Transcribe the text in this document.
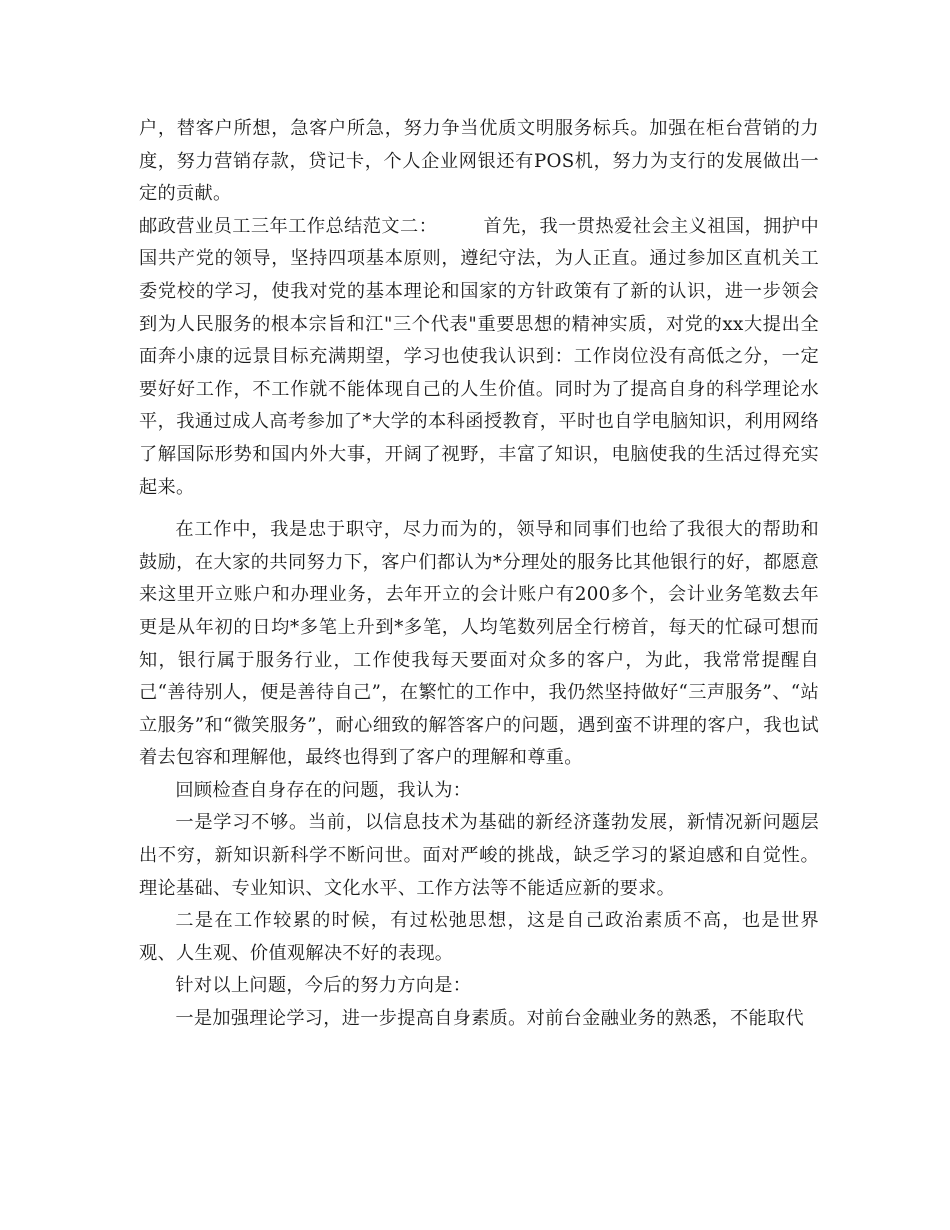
户，替客户所想，急客户所急，努力争当优质文明服务标兵。加强在柜台营销的力度，努力营销存款，贷记卡，个人企业网银还有POS机，努力为支行的发展做出一定的贡献。

邮政营业员工三年工作总结范文二：	首先，我一贯热爱社会主义祖国，拥护中国共产党的领导，坚持四项基本原则，遵纪守法，为人正直。通过参加区直机关工委党校的学习，使我对党的基本理论和国家的方针政策有了新的认识，进一步领会到为人民服务的根本宗旨和江"三个代表"重要思想的精神实质，对党的xx大提出全面奔小康的远景目标充满期望，学习也使我认识到：工作岗位没有高低之分，一定要好好工作，不工作就不能体现自己的人生价值。同时为了提高自身的科学理论水平，我通过成人高考参加了*大学的本科函授教育，平时也自学电脑知识，利用网络了解国际形势和国内外大事，开阔了视野，丰富了知识，电脑使我的生活过得充实起来。

在工作中，我是忠于职守，尽力而为的，领导和同事们也给了我很大的帮助和鼓励，在大家的共同努力下，客户们都认为*分理处的服务比其他银行的好，都愿意来这里开立账户和办理业务，去年开立的会计账户有200多个，会计业务笔数去年更是从年初的日均*多笔上升到*多笔，人均笔数列居全行榜首，每天的忙碌可想而知，银行属于服务行业，工作使我每天要面对众多的客户，为此，我常常提醒自己“善待别人，便是善待自己”，在繁忙的工作中，我仍然坚持做好“三声服务”、“站立服务”和“微笑服务”，耐心细致的解答客户的问题，遇到蛮不讲理的客户，我也试着去包容和理解他，最终也得到了客户的理解和尊重。

回顾检查自身存在的问题，我认为：

一是学习不够。当前，以信息技术为基础的新经济蓬勃发展，新情况新问题层出不穷，新知识新科学不断问世。面对严峻的挑战，缺乏学习的紧迫感和自觉性。理论基础、专业知识、文化水平、工作方法等不能适应新的要求。

二是在工作较累的时候，有过松弛思想，这是自己政治素质不高，也是世界观、人生观、价值观解决不好的表现。

针对以上问题，今后的努力方向是：

一是加强理论学习，进一步提高自身素质。对前台金融业务的熟悉，不能取代
